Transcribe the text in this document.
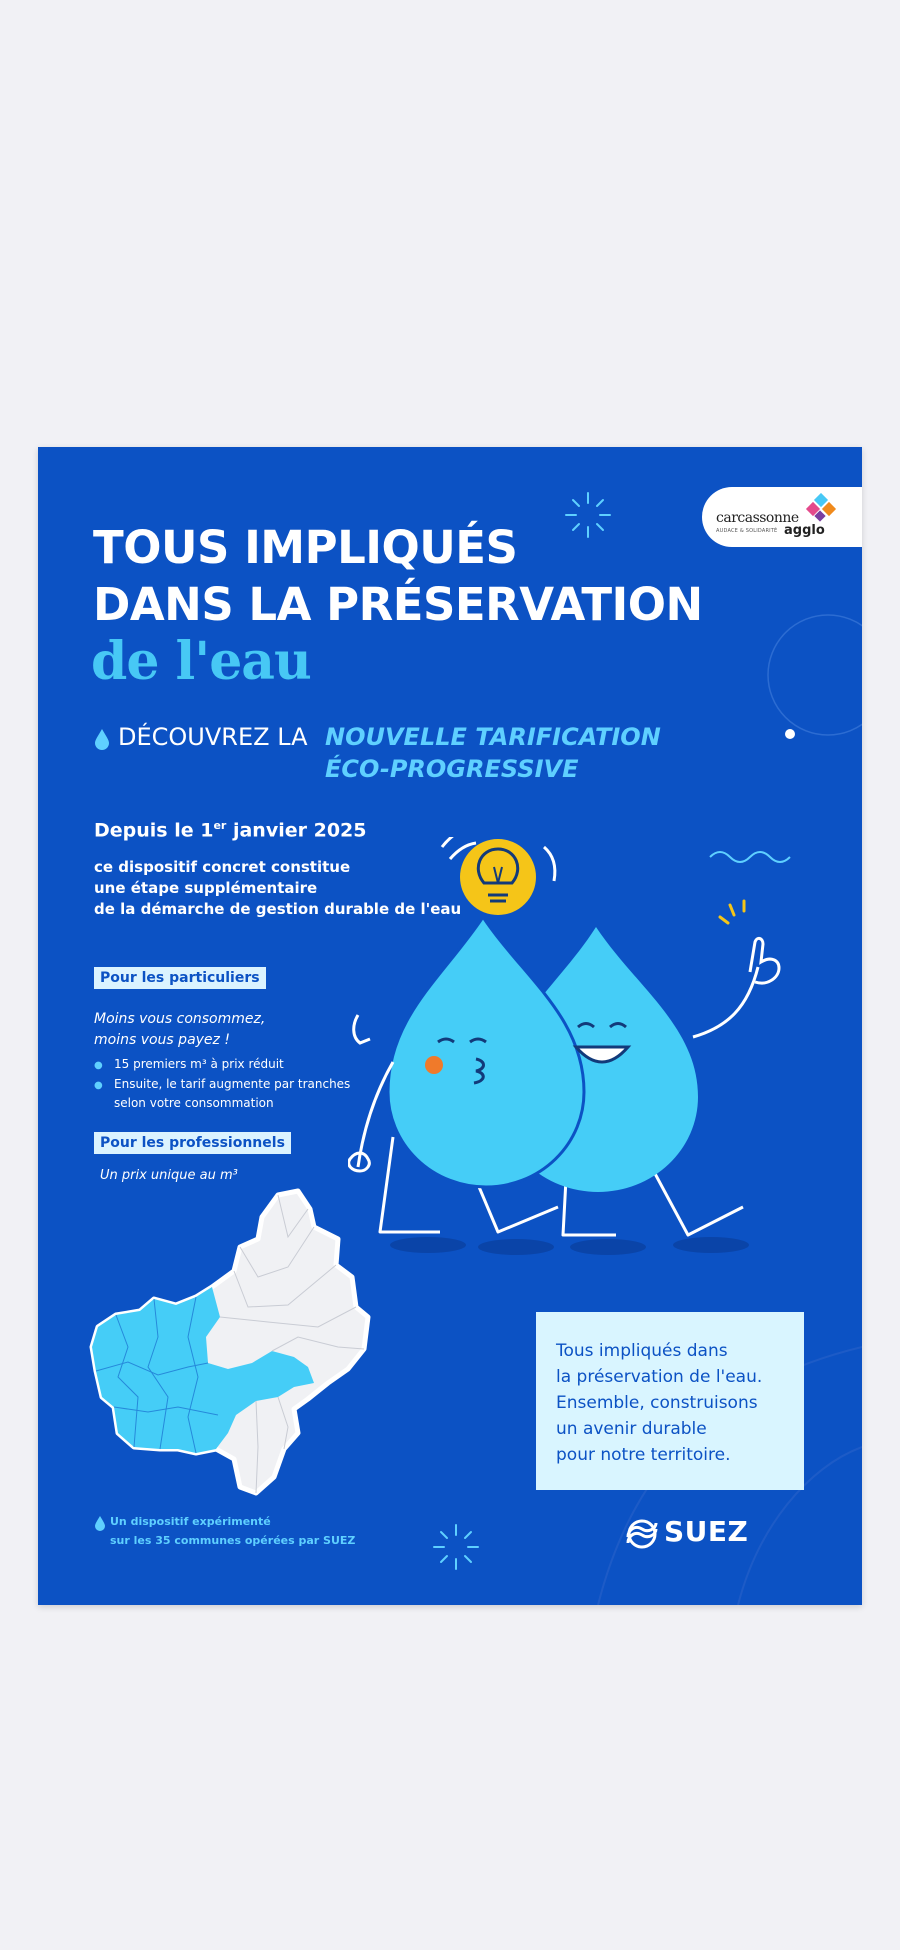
carcassonne
AUDACE & SOLIDARITÉ agglo
TOUS IMPLIQUÉS
DANS LA PRÉSERVATION
de l'eau
DÉCOUVREZ LA NOUVELLE TARIFICATION
ÉCO-PROGRESSIVE
Depuis le 1er janvier 2025
ce dispositif concret constitue
une étape supplémentaire
de la démarche de gestion durable de l'eau
Pour les particuliers
Moins vous consommez,
moins vous payez !
● 15 premiers m³ à prix réduit
● Ensuite, le tarif augmente par tranches
selon votre consommation
Pour les professionnels
Un prix unique au m³
Tous impliqués dans
la préservation de l'eau.
Ensemble, construisons
un avenir durable
pour notre territoire.
Un dispositif expérimenté
sur les 35 communes opérées par SUEZ	SUEZ
